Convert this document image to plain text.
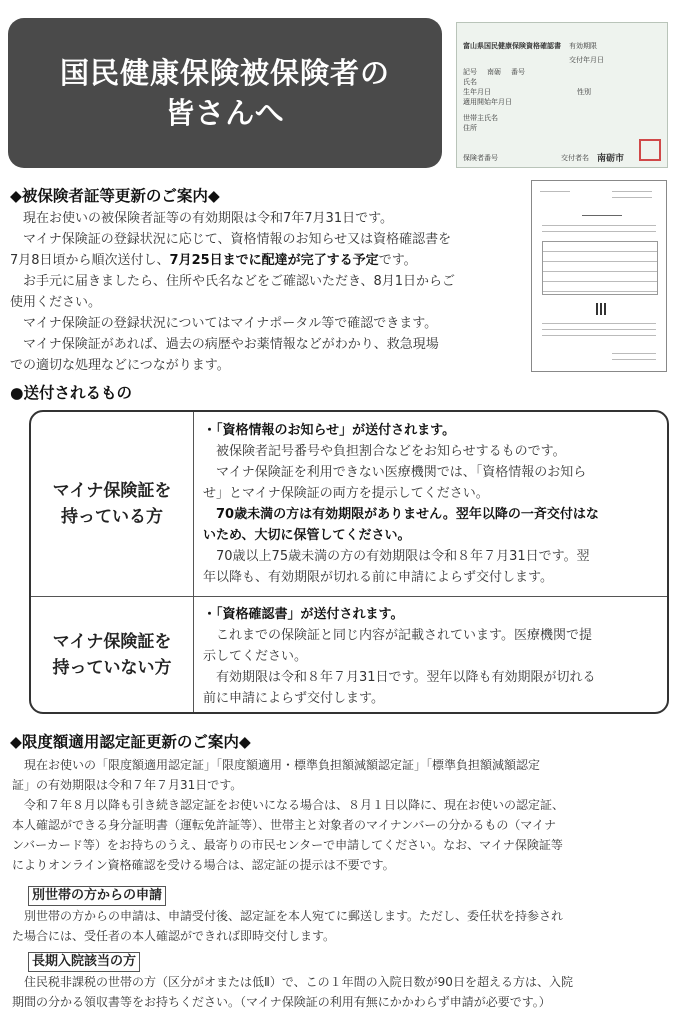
国民健康保険被保険者の
皆さんへ
富山県国民健康保険資格確認書 有効期限
交付年月日
記号 南砺 番号
氏名
生年月日	性別
適用開始年月日
世帯主氏名
住所
保険者番号	交付者名 南砺市
◆被保険者証等更新のご案内◆
現在お使いの被保険者証等の有効期限は令和7年7月31日です。
マイナ保険証の登録状況に応じて、資格情報のお知らせ又は資格確認書を
7月8日頃から順次送付し、7月25日までに配達が完了する予定です。
お手元に届きましたら、住所や氏名などをご確認いただき、8月1日からご
使用ください。
マイナ保険証の登録状況についてはマイナポータル等で確認できます。
マイナ保険証があれば、過去の病歴やお薬情報などがわかり、救急現場
での適切な処理などにつながります。
●送付されるもの
マイナ保険証を
持っている方
・「資格情報のお知らせ」が送付されます。
被保険者記号番号や負担割合などをお知らせするものです。
マイナ保険証を利用できない医療機関では、「資格情報のお知ら
せ」とマイナ保険証の両方を提示してください。
70歳未満の方は有効期限がありません。翌年以降の一斉交付はな
いため、大切に保管してください。
70歳以上75歳未満の方の有効期限は令和８年７月31日です。翌
年以降も、有効期限が切れる前に申請によらず交付します。
マイナ保険証を
持っていない方
・「資格確認書」が送付されます。
これまでの保険証と同じ内容が記載されています。医療機関で提
示してください。
有効期限は令和８年７月31日です。翌年以降も有効期限が切れる
前に申請によらず交付します。
◆限度額適用認定証更新のご案内◆
現在お使いの「限度額適用認定証」「限度額適用・標準負担額減額認定証」「標準負担額減額認定
証」の有効期限は令和７年７月31日です。
令和７年８月以降も引き続き認定証をお使いになる場合は、８月１日以降に、現在お使いの認定証、
本人確認ができる身分証明書（運転免許証等）、世帯主と対象者のマイナンバーの分かるもの（マイナ
ンバーカード等）をお持ちのうえ、最寄りの市民センターで申請してください。なお、マイナ保険証等
によりオンライン資格確認を受ける場合は、認定証の提示は不要です。
別世帯の方からの申請
別世帯の方からの申請は、申請受付後、認定証を本人宛てに郵送します。ただし、委任状を持参され
た場合には、受任者の本人確認ができれば即時交付します。
長期入院該当の方
住民税非課税の世帯の方（区分がオまたは低Ⅱ）で、この１年間の入院日数が90日を超える方は、入院
期間の分かる領収書等をお持ちください。（マイナ保険証の利用有無にかかわらず申請が必要です。）
